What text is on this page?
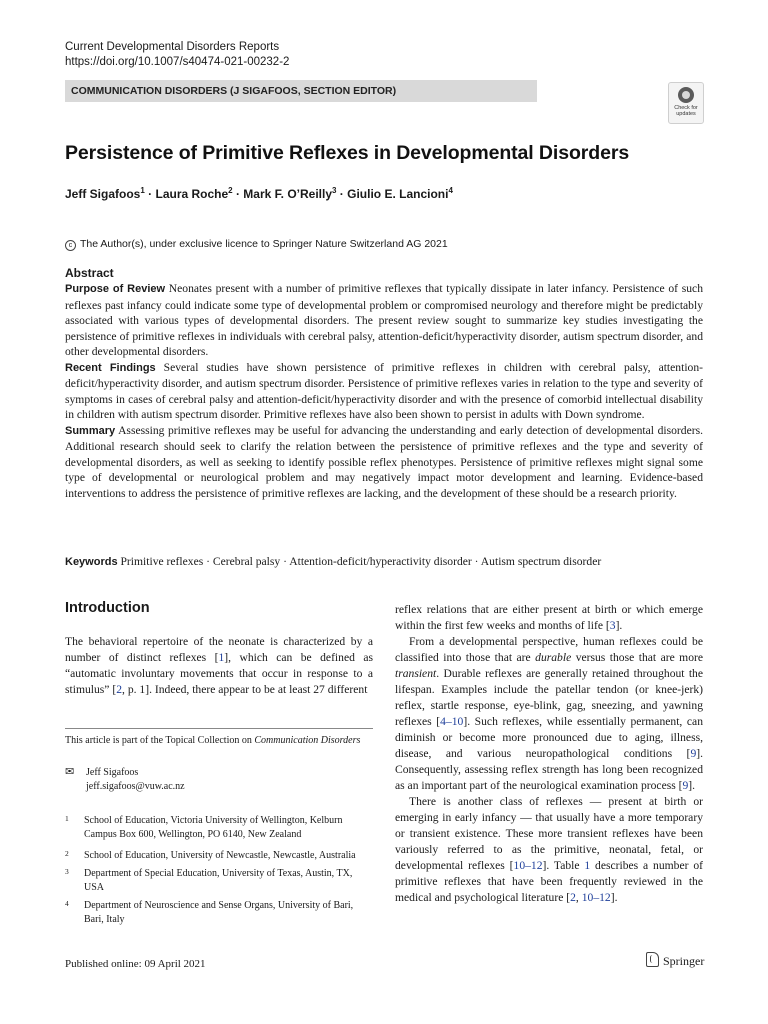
Current Developmental Disorders Reports
https://doi.org/10.1007/s40474-021-00232-2
COMMUNICATION DISORDERS (J SIGAFOOS, SECTION EDITOR)
Check for
updates
Persistence of Primitive Reflexes in Developmental Disorders
Jeff Sigafoos$^1$ · Laura Roche$^2$ · Mark F. O’Reilly$^3$ · Giulio E. Lancioni$^4$
c The Author(s), under exclusive licence to Springer Nature Switzerland AG 2021
Abstract

Purpose of Review Neonates present with a number of primitive reflexes that typically dissipate in later infancy. Persistence of such reflexes past infancy could indicate some type of developmental problem or compromised neurology and therefore might be predictably associated with various types of developmental disorders. The present review sought to summarize key studies investigating the persistence of primitive reflexes in individuals with cerebral palsy, attention-deficit/hyperactivity disorder, autism spectrum disorder, and other developmental disorders.

Recent Findings Several studies have shown persistence of primitive reflexes in children with cerebral palsy, attention-deficit/hyperactivity disorder, and autism spectrum disorder. Persistence of primitive reflexes varies in relation to the type and severity of symptoms in cases of cerebral palsy and attention-deficit/hyperactivity disorder and with the presence of comorbid intellectual disability in children with autism spectrum disorder. Primitive reflexes have also been shown to persist in adults with Down syndrome.

Summary Assessing primitive reflexes may be useful for advancing the understanding and early detection of developmental disorders. Additional research should seek to clarify the relation between the persistence of primitive reflexes and the type and severity of developmental disorders, as well as seeking to identify possible reflex phenotypes. Persistence of primitive reflexes might signal some type of developmental or neurological problem and may negatively impact motor development and learning. Evidence-based interventions to address the persistence of primitive reflexes are lacking, and the development of these should be a research priority.

Keywords Primitive reflexes · Cerebral palsy · Attention-deficit/hyperactivity disorder · Autism spectrum disorder
Introduction

The behavioral repertoire of the neonate is characterized by a number of distinct reflexes [1], which can be defined as “automatic involuntary movements that occur in response to a stimulus” [2, p. 1]. Indeed, there appear to be at least 27 different

This article is part of the Topical Collection on Communication Disorders
✉ Jeff Sigafoos
jeff.sigafoos@vuw.ac.nz
1 School of Education, Victoria University of Wellington, Kelburn Campus Box 600, Wellington, PO 6140, New Zealand
2 School of Education, University of Newcastle, Newcastle, Australia
3 Department of Special Education, University of Texas, Austin, TX, USA
4 Department of Neuroscience and Sense Organs, University of Bari, Bari, Italy

reflex relations that are either present at birth or which emerge within the first few weeks and months of life [3].

From a developmental perspective, human reflexes could be classified into those that are durable versus those that are more transient. Durable reflexes are generally retained throughout the lifespan. Examples include the patellar tendon (or knee-jerk) reflex, startle response, eye-blink, gag, sneezing, and yawning reflexes [4–10]. Such reflexes, while essentially permanent, can diminish or become more pronounced due to aging, illness, disease, and various neuropathological conditions [9]. Consequently, assessing reflex strength has long been recognized as an important part of the neurological examination process [9].

There is another class of reflexes — present at birth or emerging in early infancy — that usually have a more temporary or transient existence. These more transient reflexes have been variously referred to as the primitive, neonatal, fetal, or developmental reflexes [10–12]. Table 1 describes a number of primitive reflexes that have been frequently reviewed in the medical and psychological literature [2, 10–12].

Published online: 09 April 2021	Springer
